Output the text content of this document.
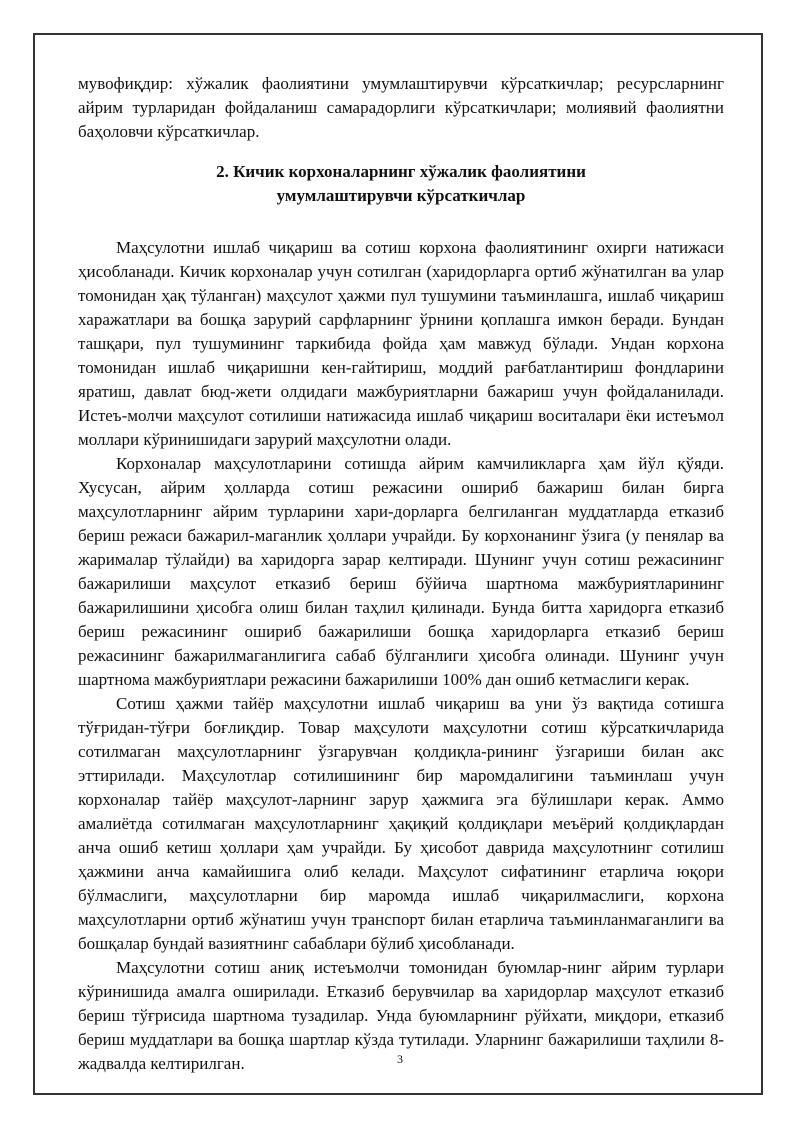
мувофиқдир: хўжалик фаолиятини умумлаштирувчи кўрсаткичлар; ресурсларнинг айрим турларидан фойдаланиш самарадорлиги кўрсаткичлари; молиявий фаолиятни баҳоловчи кўрсаткичлар.

2. Кичик корхоналарнинг хўжалик фаолиятини
умумлаштирувчи кўрсаткичлар

Маҳсулотни ишлаб чиқариш ва сотиш корхона фаолиятининг охирги натижаси ҳисобланади. Кичик корхоналар учун сотилган (харидорларга ортиб жўнатилган ва улар томонидан ҳақ тўланган) маҳсулот ҳажми пул тушумини таъминлашга, ишлаб чиқариш харажатлари ва бошқа зарурий сарфларнинг ўрнини қоплашга имкон беради. Бундан ташқари, пул тушумининг таркибида фойда ҳам мавжуд бўлади. Ундан корхона томонидан ишлаб чиқаришни кен-гайтириш, моддий рағбатлантириш фондларини яратиш, давлат бюд-жети олдидаги мажбуриятларни бажариш учун фойдаланилади. Истеъ-молчи маҳсулот сотилиши натижасида ишлаб чиқариш воситалари ёки истеъмол моллари кўринишидаги зарурий маҳсулотни олади.

Корхоналар маҳсулотларини сотишда айрим камчиликларга ҳам йўл қўяди. Хусусан, айрим ҳолларда сотиш режасини ошириб бажариш билан бирга маҳсулотларнинг айрим турларини хари-дорларга белгиланган муддатларда етказиб бериш режаси бажарил-маганлик ҳоллари учрайди. Бу корхонанинг ўзига (у пенялар ва жарималар тўлайди) ва харидорга зарар келтиради. Шунинг учун сотиш режасининг бажарилиши маҳсулот етказиб бериш бўйича шартнома мажбуриятларининг бажарилишини ҳисобга олиш билан таҳлил қилинади. Бунда битта харидорга етказиб бериш режасининг ошириб бажарилиши бошқа харидорларга етказиб бериш режасининг бажарилмаганлигига сабаб бўлганлиги ҳисобга олинади. Шунинг учун шартнома мажбуриятлари режасини бажарилиши 100% дан ошиб кетмаслиги керак.

Сотиш ҳажми тайёр маҳсулотни ишлаб чиқариш ва уни ўз вақтида сотишга тўғридан-тўғри боғлиқдир. Товар маҳсулоти маҳсулотни сотиш кўрсаткичларида сотилмаган маҳсулотларнинг ўзгарувчан қолдиқла-рининг ўзгариши билан акс эттирилади. Маҳсулотлар сотилишининг бир маромдалигини таъминлаш учун корхоналар тайёр маҳсулот-ларнинг зарур ҳажмига эга бўлишлари керак. Аммо амалиётда сотилмаган маҳсулотларнинг ҳақиқий қолдиқлари меъёрий қолдиқлардан анча ошиб кетиш ҳоллари ҳам учрайди. Бу ҳисобот даврида маҳсулотнинг сотилиш ҳажмини анча камайишига олиб келади. Маҳсулот сифатининг етарлича юқори бўлмаслиги, маҳсулотларни бир маромда ишлаб чиқарилмаслиги, корхона маҳсулотларни ортиб жўнатиш учун транспорт билан етарлича таъминланмаганлиги ва бошқалар бундай вазиятнинг сабаблари бўлиб ҳисобланади.

Маҳсулотни сотиш аниқ истеъмолчи томонидан буюмлар-нинг айрим турлари кўринишида амалга оширилади. Етказиб берувчилар ва харидорлар маҳсулот етказиб бериш тўғрисида шартнома тузадилар. Унда буюмларнинг рўйхати, миқдори, етказиб бериш муддатлари ва бошқа шартлар кўзда тутилади. Уларнинг бажарилиши таҳлили 8-жадвалда келтирилган.	3
